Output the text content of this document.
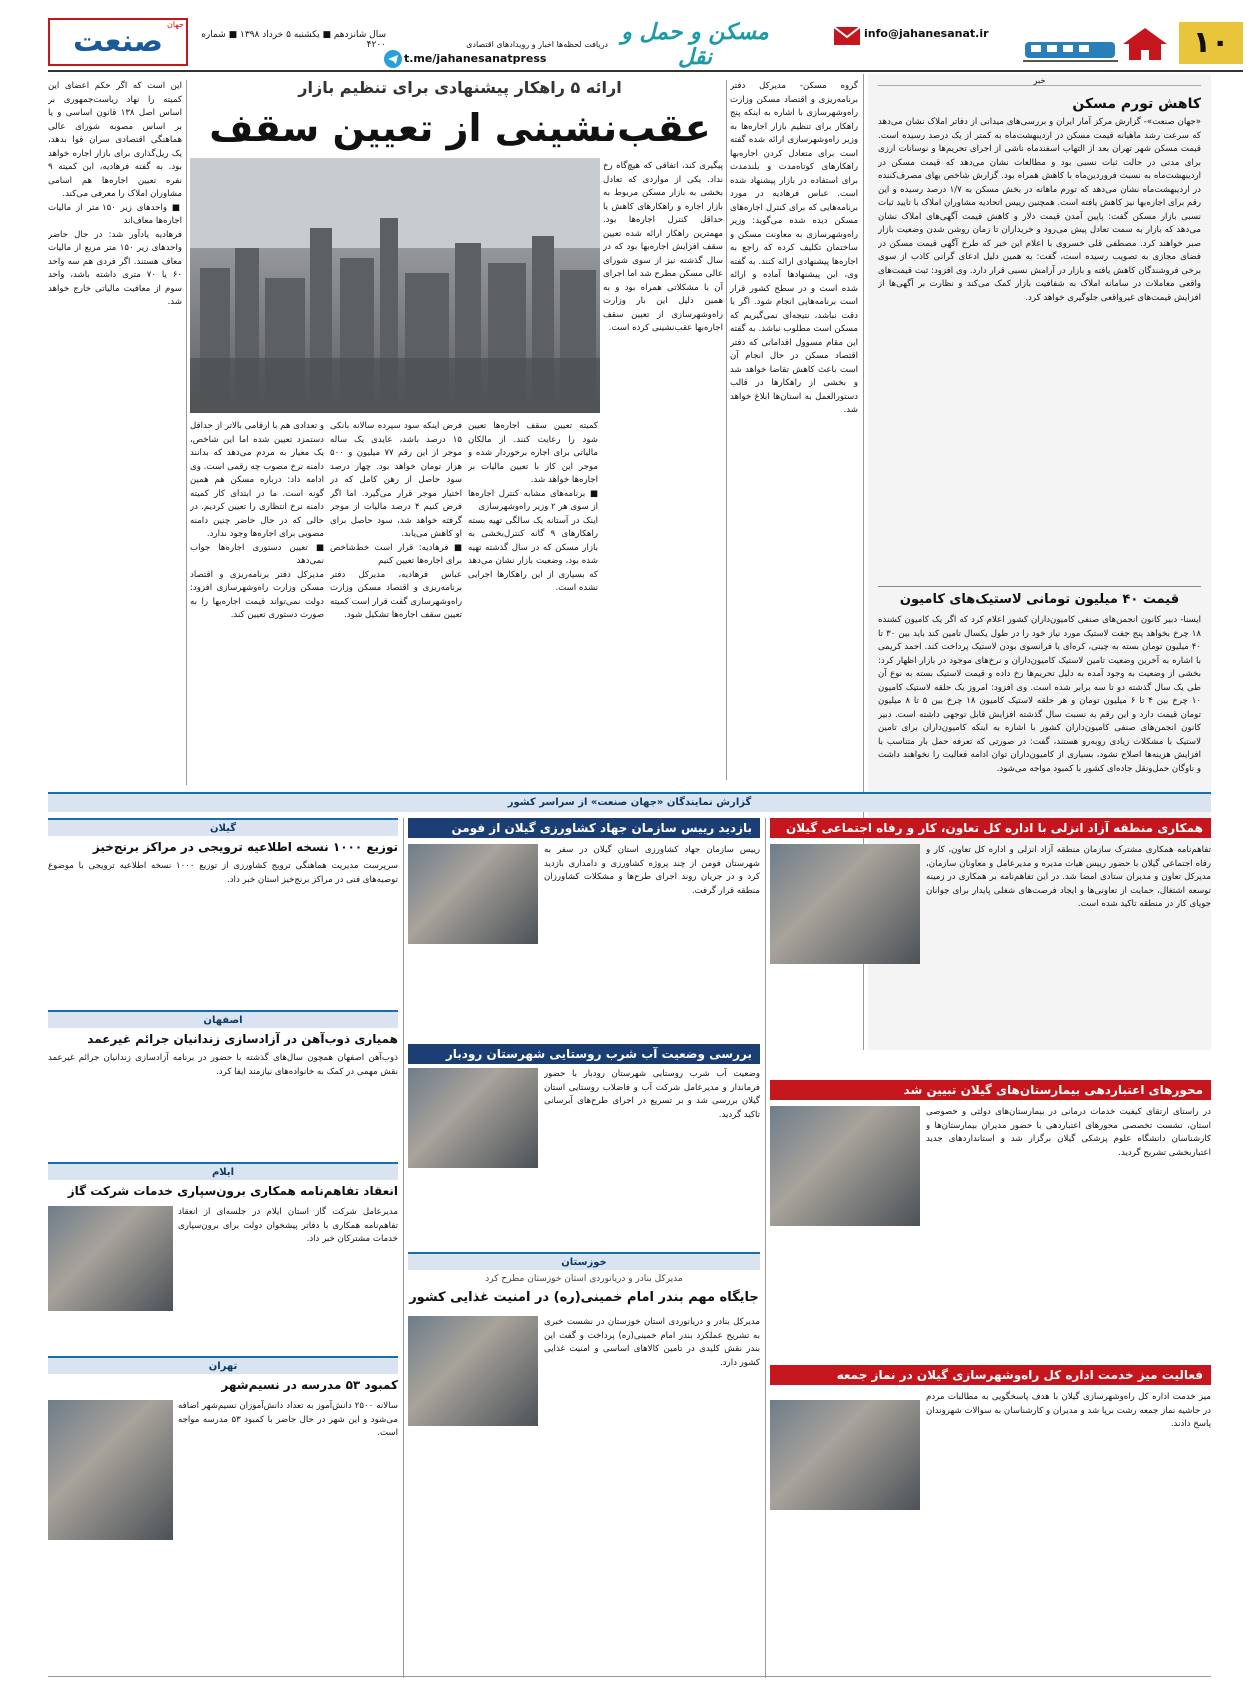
۱۰
info@jahanesanat.ir
مسکن و حمل و نقل
دریافت لحظه‌ها اخبار و رویدادهای اقتصادی
t.me/jahanesanatpress
سال شانزدهم ■ یکشنبه ۵ خرداد ۱۳۹۸ ■ شماره ۴۲۰۰
صنعت جهان
خبر
کاهش تورم مسکن
«جهان صنعت»- گزارش مرکز آمار ایران و بررسی‌های میدانی از دفاتر املاک نشان می‌دهد که سرعت رشد ماهیانه قیمت مسکن در اردیبهشت‌ماه به کمتر از یک درصد رسیده است. قیمت مسکن شهر تهران بعد از التهاب اسفندماه ناشی از اجرای تحریم‌ها و نوسانات ارزی برای مدتی در حالت ثبات نسبی بود و مطالعات نشان می‌دهد که قیمت مسکن در اردیبهشت‌ماه به نسبت فروردین‌ماه با کاهش همراه بود. گزارش شاخص بهای مصرف‌کننده در اردیبهشت‌ماه نشان می‌دهد که تورم ماهانه در بخش مسکن به ۱/۷ درصد رسیده و این رقم برای اجاره‌بها نیز کاهش یافته است. همچنین رییس اتحادیه مشاوران املاک با تایید ثبات نسبی بازار مسکن گفت: پایین آمدن قیمت دلار و کاهش قیمت آگهی‌های املاک نشان می‌دهد که بازار به سمت تعادل پیش می‌رود و خریداران تا زمان روشن شدن وضعیت بازار صبر خواهند کرد. مصطفی قلی خسروی با اعلام این خبر که طرح آگهی قیمت مسکن در فضای مجازی به تصویب رسیده است، گفت: به همین دلیل ادعای گرانی کاذب از سوی برخی فروشندگان کاهش یافته و بازار در آرامش نسبی قرار دارد. وی افزود: ثبت قیمت‌های واقعی معاملات در سامانه املاک به شفافیت بازار کمک می‌کند و نظارت بر آگهی‌ها از افزایش قیمت‌های غیرواقعی جلوگیری خواهد کرد.
قیمت ۴۰ میلیون تومانی لاستیک‌های کامیون
ایسنا- دبیر کانون انجمن‌های صنفی کامیون‌داران کشور اعلام کرد که اگر یک کامیون کشنده ۱۸ چرخ بخواهد پنج جفت لاستیک مورد نیاز خود را در طول یکسال تامین کند باید بین ۳۰ تا ۴۰ میلیون تومان بسته به چینی، کره‌ای یا فرانسوی بودن لاستیک پرداخت کند. احمد کریمی با اشاره به آخرین وضعیت تامین لاستیک کامیون‌داران و نرخ‌های موجود در بازار اظهار کرد: بخشی از وضعیت به وجود آمده به دلیل تحریم‌ها رخ داده و قیمت لاستیک بسته به نوع آن طی یک سال گذشته دو تا سه برابر شده است. وی افزود: امروز یک حلقه لاستیک کامیون ۱۰ چرخ بین ۴ تا ۶ میلیون تومان و هر حلقه لاستیک کامیون ۱۸ چرخ بین ۵ تا ۸ میلیون تومان قیمت دارد و این رقم به نسبت سال گذشته افزایش قابل توجهی داشته است. دبیر کانون انجمن‌های صنفی کامیون‌داران کشور با اشاره به اینکه کامیون‌داران برای تامین لاستیک با مشکلات زیادی روبه‌رو هستند، گفت: در صورتی که تعرفه حمل بار متناسب با افزایش هزینه‌ها اصلاح نشود، بسیاری از کامیون‌داران توان ادامه فعالیت را نخواهند داشت و ناوگان حمل‌ونقل جاده‌ای کشور با کمبود مواجه می‌شود.
ارائه ۵ راهکار پیشنهادی برای تنظیم بازار
عقب‌نشینی از تعیین سقف
گروه مسکن- مدیرکل دفتر برنامه‌ریزی و اقتصاد مسکن وزارت راه‌وشهرسازی با اشاره به اینکه پنج راهکار برای تنظیم بازار اجاره‌ها به وزیر راه‌وشهرسازی ارائه شده گفته است برای متعادل کردن اجاره‌بها راهکارهای کوتاه‌مدت و بلندمدت برای استفاده در بازار پیشنهاد شده است. عباس فرهادیه در مورد برنامه‌هایی که برای کنترل اجاره‌های مسکن دیده شده می‌گوید: وزیر راه‌وشهرسازی به معاونت مسکن و ساختمان تکلیف کرده که راجع به اجاره‌ها پیشنهادی ارائه کنند. به گفته وی، این پیشنهادها آماده و ارائه شده است و در سطح کشور قرار است برنامه‌هایی انجام شود. اگر با دقت نباشد، نتیجه‌ای نمی‌گیریم که مسکن است مطلوب نباشد. به گفته این مقام مسوول اقداماتی که دفتر اقتصاد مسکن در حال انجام آن است باعث کاهش تقاضا خواهد شد و بخشی از راهکارها در قالب دستورالعمل به استان‌ها ابلاغ خواهد شد.
پیگیری کند، اتفاقی که هیچ‌گاه رخ نداد. یکی از مواردی که تعادل بخشی به بازار مسکن مربوط به بازار اجاره و راهکارهای کاهش یا حداقل کنترل اجاره‌ها بود. مهمترین راهکار ارائه شده تعیین سقف افزایش اجاره‌بها بود که در سال گذشته نیز از سوی شورای عالی مسکن مطرح شد اما اجرای آن با مشکلاتی همراه بود و به همین دلیل این بار وزارت راه‌وشهرسازی از تعیین سقف اجاره‌بها عقب‌نشینی کرده است.
کمیته تعیین سقف اجاره‌ها تعیین شود را رعایت کنند. از مالکان مالیاتی برای اجاره برخوردار شده و موجر این کار با تعیین مالیات بر اجاره‌ها خواهد شد.
■ برنامه‌های مشابه کنترل اجاره‌ها از سوی هر ۲ وزیر راه‌وشهرسازی
اینک در آستانه یک سالگی تهیه بسته راهکارهای ۹ گانه کنترل‌بخشی به بازار مسکن که در سال گذشته تهیه شده بود، وضعیت بازار نشان می‌دهد که بسیاری از این راهکارها اجرایی نشده است.
فرض اینکه سود سپرده سالانه بانکی ۱۵ درصد باشد، عایدی یک ساله موجر از این رقم ۷۷ میلیون و ۵۰۰ هزار تومان خواهد بود. چهار درصد سود حاصل از رهن کامل که در اختیار موجر قرار می‌گیرد. اما اگر فرض کنیم ۴ درصد مالیات از موجر گرفته خواهد شد، سود حاصل برای او کاهش می‌یابد.
■ فرهادیه: قرار است خط‌شاخص برای اجاره‌ها تعیین کنیم
عباس فرهادیه، مدیرکل دفتر برنامه‌ریزی و اقتصاد مسکن وزارت راه‌وشهرسازی گفت قرار است کمیته تعیین سقف اجاره‌ها تشکیل شود.
و تعدادی هم با ارقامی بالاتر از حداقل دستمزد تعیین شده اما این شاخص، یک معیار به مردم می‌دهد که بدانند دامنه نرخ مصوب چه رقمی است. وی ادامه داد: درباره مسکن هم همین گونه است. ما در ابتدای کار کمیته دامنه نرخ انتظاری را تعیین کردیم. در حالی که در حال حاضر چنین دامنه مصوبی برای اجاره‌ها وجود ندارد.
■ تعیین دستوری اجاره‌ها جواب نمی‌دهد
مدیرکل دفتر برنامه‌ریزی و اقتصاد مسکن وزارت راه‌وشهرسازی افزود: دولت نمی‌تواند قیمت اجاره‌بها را به صورت دستوری تعیین کند.
این است که اگر حکم اعضای این کمیته را نهاد ریاست‌جمهوری بر اساس اصل ۱۳۸ قانون اساسی و یا بر اساس مصوبه شورای عالی هماهنگی اقتصادی سران قوا بدهد، یک ریل‌گذاری برای بازار اجاره خواهد بود. به گفته فرهادیه، این کمیته ۹ نفره تعیین اجاره‌ها هم اسامی مشاوران املاک را معرفی می‌کند.
■ واحدهای زیر ۱۵۰ متر از مالیات اجاره‌ها معاف‌اند
فرهادیه یادآور شد: در حال حاضر واحدهای زیر ۱۵۰ متر مربع از مالیات معاف هستند. اگر فردی هم سه واحد ۶۰ یا ۷۰ متری داشته باشد، واحد سوم از معافیت مالیاتی خارج خواهد شد.
گزارش نمایندگان «جهان صنعت» از سراسر کشور
همکاری منطقه آزاد انزلی با اداره کل تعاون، کار و رفاه اجتماعی گیلان
تفاهم‌نامه همکاری مشترک سازمان منطقه آزاد انزلی و اداره کل تعاون، کار و رفاه اجتماعی گیلان با حضور رییس هیات مدیره و مدیرعامل و معاونان سازمان، مدیرکل تعاون و مدیران ستادی امضا شد. در این تفاهم‌نامه بر همکاری در زمینه توسعه اشتغال، حمایت از تعاونی‌ها و ایجاد فرصت‌های شغلی پایدار برای جوانان جویای کار در منطقه تاکید شده است.
محورهای اعتباردهی بیمارستان‌های گیلان تبیین شد
در راستای ارتقای کیفیت خدمات درمانی در بیمارستان‌های دولتی و خصوصی استان، نشست تخصصی محورهای اعتباردهی با حضور مدیران بیمارستان‌ها و کارشناسان دانشگاه علوم پزشکی گیلان برگزار شد و استانداردهای جدید اعتباربخشی تشریح گردید.
فعالیت میز خدمت اداره کل راه‌وشهرسازی گیلان در نماز جمعه
میز خدمت اداره کل راه‌وشهرسازی گیلان با هدف پاسخگویی به مطالبات مردم در حاشیه نماز جمعه رشت برپا شد و مدیران و کارشناسان به سوالات شهروندان پاسخ دادند.
بازدید رییس سازمان جهاد کشاورزی گیلان از فومن
رییس سازمان جهاد کشاورزی استان گیلان در سفر به شهرستان فومن از چند پروژه کشاورزی و دامداری بازدید کرد و در جریان روند اجرای طرح‌ها و مشکلات کشاورزان منطقه قرار گرفت.
بررسی وضعیت آب شرب روستایی شهرستان رودبار
وضعیت آب شرب روستایی شهرستان رودبار با حضور فرماندار و مدیرعامل شرکت آب و فاضلاب روستایی استان گیلان بررسی شد و بر تسریع در اجرای طرح‌های آبرسانی تاکید گردید.
خوزستان
مدیرکل بنادر و دریانوردی استان خوزستان مطرح کرد
جایگاه مهم بندر امام خمینی(ره) در امنیت غذایی کشور
مدیرکل بنادر و دریانوردی استان خوزستان در نشست خبری به تشریح عملکرد بندر امام خمینی(ره) پرداخت و گفت این بندر نقش کلیدی در تامین کالاهای اساسی و امنیت غذایی کشور دارد.
گیلان
توزیع ۱۰۰۰ نسخه اطلاعیه ترویجی در مراکز برنج‌خیز
سرپرست مدیریت هماهنگی ترویج کشاورزی از توزیع ۱۰۰۰ نسخه اطلاعیه ترویجی با موضوع توصیه‌های فنی در مراکز برنج‌خیز استان خبر داد.
اصفهان
همیاری ذوب‌آهن در آزادسازی زندانیان جرائم غیرعمد
ذوب‌آهن اصفهان همچون سال‌های گذشته با حضور در برنامه آزادسازی زندانیان جرائم غیرعمد نقش مهمی در کمک به خانواده‌های نیازمند ایفا کرد.
ایلام
انعقاد تفاهم‌نامه همکاری برون‌سپاری خدمات شرکت گاز
مدیرعامل شرکت گاز استان ایلام در جلسه‌ای از انعقاد تفاهم‌نامه همکاری با دفاتر پیشخوان دولت برای برون‌سپاری خدمات مشترکان خبر داد.
تهران
کمبود ۵۳ مدرسه در نسیم‌شهر
سالانه ۲۵۰۰ دانش‌آموز به تعداد دانش‌آموزان نسیم‌شهر اضافه می‌شود و این شهر در حال حاضر با کمبود ۵۳ مدرسه مواجه است.
